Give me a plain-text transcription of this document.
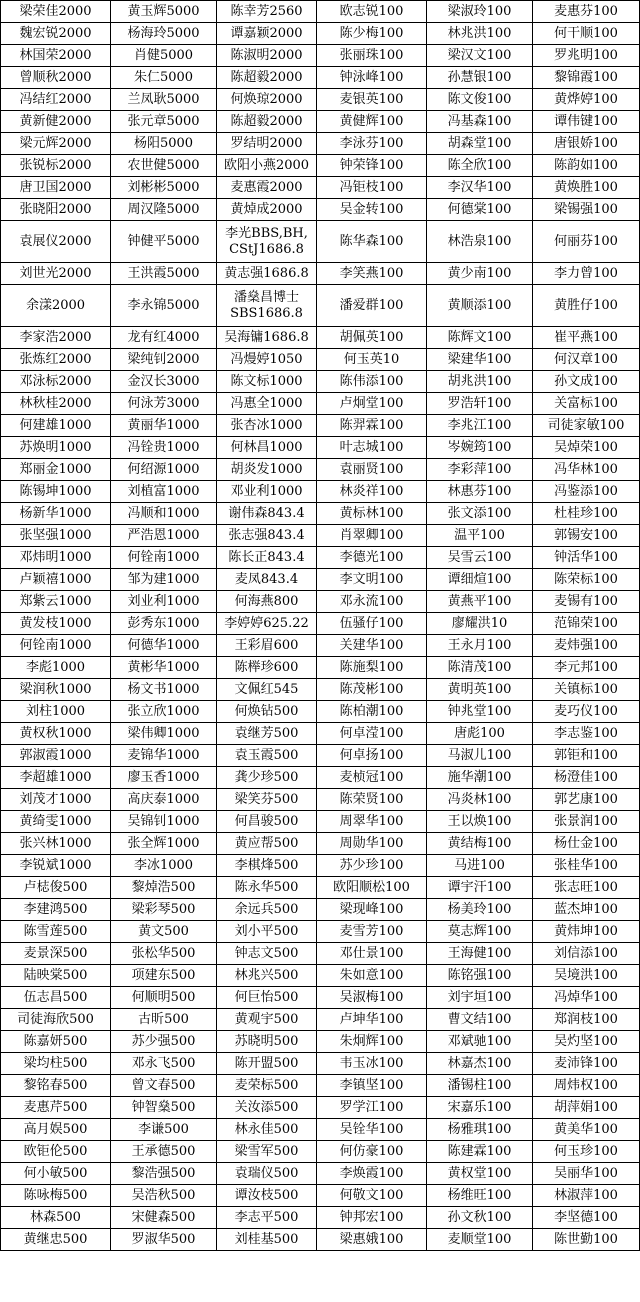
梁荣佳2000	黄玉辉5000	陈幸芳2560	欧志锐100	梁淑玲100	麦惠芬100
魏宏锐2000	杨海玲5000	谭嘉颖2000	陈少梅100	林兆洪100	何干顺100
林国荣2000	肖健5000	陈淑明2000	张丽珠100	梁汉文100	罗兆明100
曾顺秋2000	朱仁5000	陈超毅2000	钟泳峰100	孙慧银100	黎锦霞100
冯结红2000	兰凤耿5000	何焕琼2000	麦银英100	陈文俊100	黄烨婷100
黄新健2000	张元章5000	陈超毅2000	黄健辉100	冯基森100	谭伟键100
梁元辉2000	杨阳5000	罗结明2000	李泳芬100	胡森堂100	唐银娇100
张锐标2000	农世健5000	欧阳小燕2000	钟荣锋100	陈全欣100	陈韵如100
唐卫国2000	刘彬彬5000	麦惠霞2000	冯钜枝100	李汉华100	黄焕胜100
张晓阳2000	周汉隆5000	黄焯成2000	吴金转100	何德棠100	梁锡强100
袁展仪2000	钟健平5000	李光BBS,BH,
CStJ1686.8	陈华森100	林浩泉100	何丽芬100
刘世光2000	王洪霞5000	黄志强1686.8	李笑燕100	黄少南100	李力曾100
余漾2000	李永锦5000	潘燊昌博士
SBS1686.8	潘爱群100	黄顺添100	黄胜仔100
李家浩2000	龙有红4000	吴海镛1686.8	胡佩英100	陈辉文100	崔平燕100
张炼红2000	梁纯钊2000	冯熳婷1050	何玉英10	梁建华100	何汉章100
邓泳标2000	金汉长3000	陈文标1000	陈伟添100	胡兆洪100	孙文成100
林秋桂2000	何泳芳3000	冯惠全1000	卢炯堂100	罗浩轩100	关富标100
何建雄1000	黄丽华1000	张杏冰1000	陈羿霖100	李兆江100	司徒家敏100
苏焕明1000	冯铨贵1000	何林昌1000	叶志城100	岑婉筠100	吴焯荣100
郑丽金1000	何绍源1000	胡炎发1000	袁丽贤100	李彩萍100	冯华林100
陈锡坤1000	刘植富1000	邓业利1000	林炎祥100	林惠芬100	冯鉴添100
杨新华1000	冯顺和1000	谢伟森843.4	黄标林100	张文添100	杜桂珍100
张坚强1000	严浩恩1000	张志强843.4	肖翠卿100	温平100	郭锡安100
邓炜明1000	何铨南1000	陈长正843.4	李德光100	吴雪云100	钟活华100
卢颖禧1000	邹为建1000	麦凤843.4	李文明100	谭细煊100	陈荣标100
郑紫云1000	刘业利1000	何海燕800	邓永流100	黄燕平100	麦锡有100
黄发枝1000	彭秀东1000	李婷婷625.22	伍骚仔100	廖耀洪10	范锦荣100
何铨南1000	何德华1000	王彩眉600	关建华100	王永月100	麦炜强100
李彪1000	黄彬华1000	陈榉珍600	陈施梨100	陈清茂100	李元邦100
梁润秋1000	杨文书1000	文佩红545	陈茂彬100	黄明英100	关镇标100
刘柱1000	张立欣1000	何焕钻500	陈柏潮100	钟兆堂100	麦巧仪100
黄权秋1000	梁伟卿1000	袁继芳500	何卓滢100	唐彪100	李志鉴100
郭淑霞1000	麦锦华1000	袁玉霞500	何卓扬100	马淑儿100	郭钜和100
李超雄1000	廖玉香1000	龚少珍500	麦桢冠100	施华潮100	杨澄佳100
刘茂才1000	高庆泰1000	梁笑芬500	陈荣贤100	冯炎林100	郭艺康100
黄绮雯1000	吴锦钊1000	何昌骏500	周翠华100	王以焕100	张景润100
张兴林1000	张全辉1000	黄应帮500	周勋华100	黄结梅100	杨仕金100
李锐斌1000	李冰1000	李棋烽500	苏少珍100	马进100	张桂华100
卢梽俊500	黎焯浩500	陈永华500	欧阳顺松100	谭宇汗100	张志旺100
李建鸿500	梁彩琴500	余远兵500	梁现峰100	杨美玲100	蓝杰坤100
陈雪莲500	黄文500	刘小平500	麦雪芳100	莫志辉100	黄炜坤100
麦景深500	张松华500	钟志文500	邓仕景100	王海健100	刘信添100
陆映棠500	项建东500	林兆兴500	朱如意100	陈铭强100	吴境洪100
伍志昌500	何顺明500	何巨怡500	吴淑梅100	刘宇垣100	冯焯华100
司徒海欣500	古昕500	黄观宇500	卢坤华100	曹文结100	郑润枝100
陈嘉妍500	苏少强500	苏晓明500	朱炯辉100	邓斌驰100	吴灼坚100
梁均柱500	邓永飞500	陈开盟500	韦玉冰100	林嘉杰100	麦沛锋100
黎铭春500	曾文春500	麦荣标500	李镇坚100	潘锡柱100	周炜权100
麦惠芹500	钟智燊500	关汝添500	罗学江100	宋嘉乐100	胡萍娟100
高月娱500	李谦500	林永佳500	吴铨华100	杨雅琪100	黄美华100
欧钜伦500	王承德500	梁雪军500	何仿豪100	陈建霖100	何玉珍100
何小敏500	黎浩强500	袁瑞仪500	李焕霞100	黄权堂100	吴丽华100
陈咏梅500	吴浩秋500	谭汝枝500	何敬文100	杨维旺100	林淑萍100
林森500	宋健森500	李志平500	钟邦宏100	孙文秋100	李坚德100
黄继忠500	罗淑华500	刘桂基500	梁惠娥100	麦顺堂100	陈世勤100
